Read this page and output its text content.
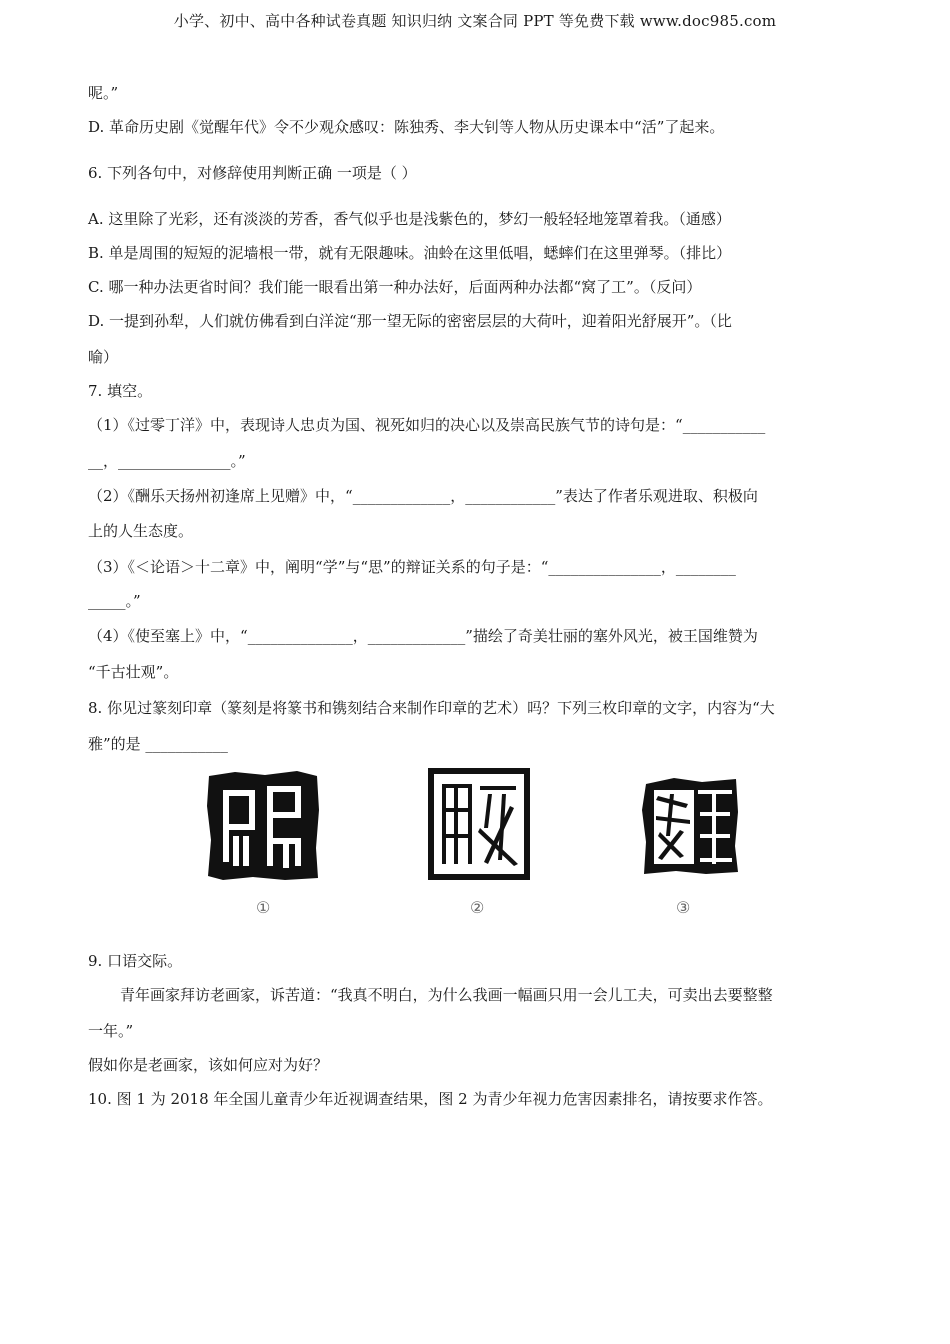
小学、初中、高中各种试卷真题 知识归纳 文案合同 PPT 等免费下载 www.doc985.com
呢。”
D. 革命历史剧《觉醒年代》令不少观众感叹：陈独秀、李大钊等人物从历史课本中“活”了起来。
6. 下列各句中，对修辞使用判断正确 一项是（ ）
A. 这里除了光彩，还有淡淡的芳香，香气似乎也是浅紫色的，梦幻一般轻轻地笼罩着我。（通感）
B. 单是周围的短短的泥墙根一带，就有无限趣味。油蛉在这里低唱，蟋蟀们在这里弹琴。（排比）
C. 哪一种办法更省时间？我们能一眼看出第一种办法好，后面两种办法都“窝了工”。（反问）
D. 一提到孙犁，人们就仿佛看到白洋淀“那一望无际的密密层层的大荷叶，迎着阳光舒展开”。（比
喻）
7. 填空。
（1）《过零丁洋》中，表现诗人忠贞为国、视死如归的决心以及崇高民族气节的诗句是：“___________
__，_______________。”
（2）《酬乐天扬州初逢席上见赠》中，“_____________，____________”表达了作者乐观进取、积极向
上的人生态度。
（3）《＜论语＞十二章》中，阐明“学”与“思”的辩证关系的句子是：“_______________，________
_____。”
（4）《使至塞上》中，“______________，_____________”描绘了奇美壮丽的塞外风光，被王国维赞为
“千古壮观”。
8. 你见过篆刻印章（篆刻是将篆书和镌刻结合来制作印章的艺术）吗？下列三枚印章的文字，内容为“大
雅”的是 ___________
①	②	③
9. 口语交际。
青年画家拜访老画家，诉苦道：“我真不明白，为什么我画一幅画只用一会儿工夫，可卖出去要整整
一年。”
假如你是老画家，该如何应对为好？
10. 图 1 为 2018 年全国儿童青少年近视调查结果，图 2 为青少年视力危害因素排名，请按要求作答。
